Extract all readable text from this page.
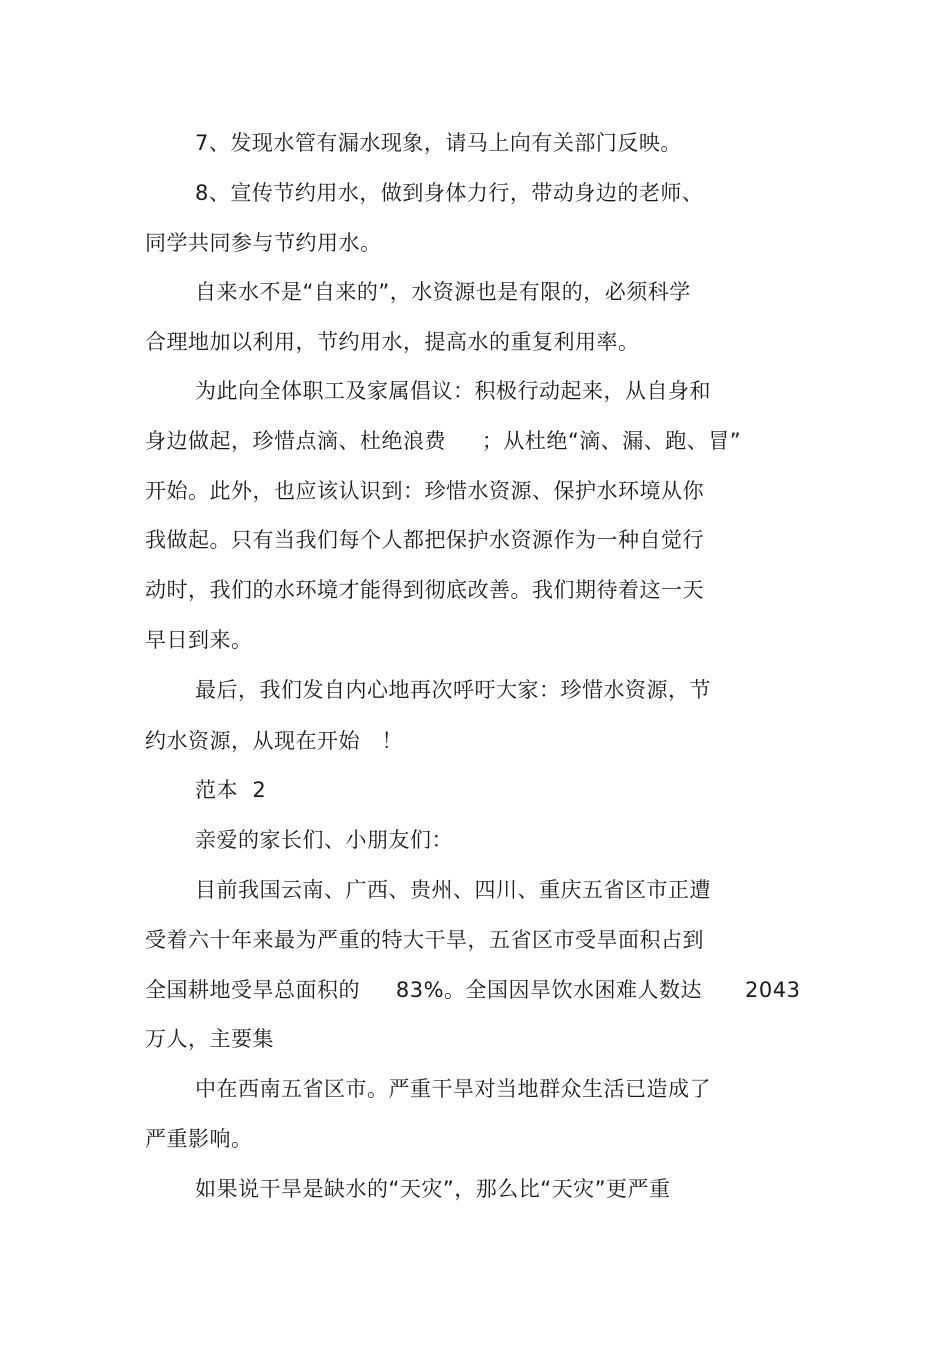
7、发现水管有漏水现象，请马上向有关部门反映。
8、宣传节约用水，做到身体力行，带动身边的老师、
同学共同参与节约用水。
自来水不是“自来的”，水资源也是有限的，必须科学
合理地加以利用，节约用水，提高水的重复利用率。
为此向全体职工及家属倡议：积极行动起来，从自身和
身边做起，珍惜点滴、杜绝浪费　  ；从杜绝“滴、漏、跑、冒”
开始。此外，也应该认识到：珍惜水资源、保护水环境从你
我做起。只有当我们每个人都把保护水资源作为一种自觉行
动时，我们的水环境才能得到彻底改善。我们期待着这一天
早日到来。
最后，我们发自内心地再次呼吁大家：珍惜水资源，节
约水资源，从现在开始　！
范本  2
亲爱的家长们、小朋友们：
目前我国云南、广西、贵州、四川、重庆五省区市正遭
受着六十年来最为严重的特大干旱，五省区市受旱面积占到
全国耕地受旱总面积的　  83%。全国因旱饮水困难人数达　   2043
万人，主要集
中在西南五省区市。严重干旱对当地群众生活已造成了
严重影响。
如果说干旱是缺水的“天灾”，那么比“天灾”更严重
